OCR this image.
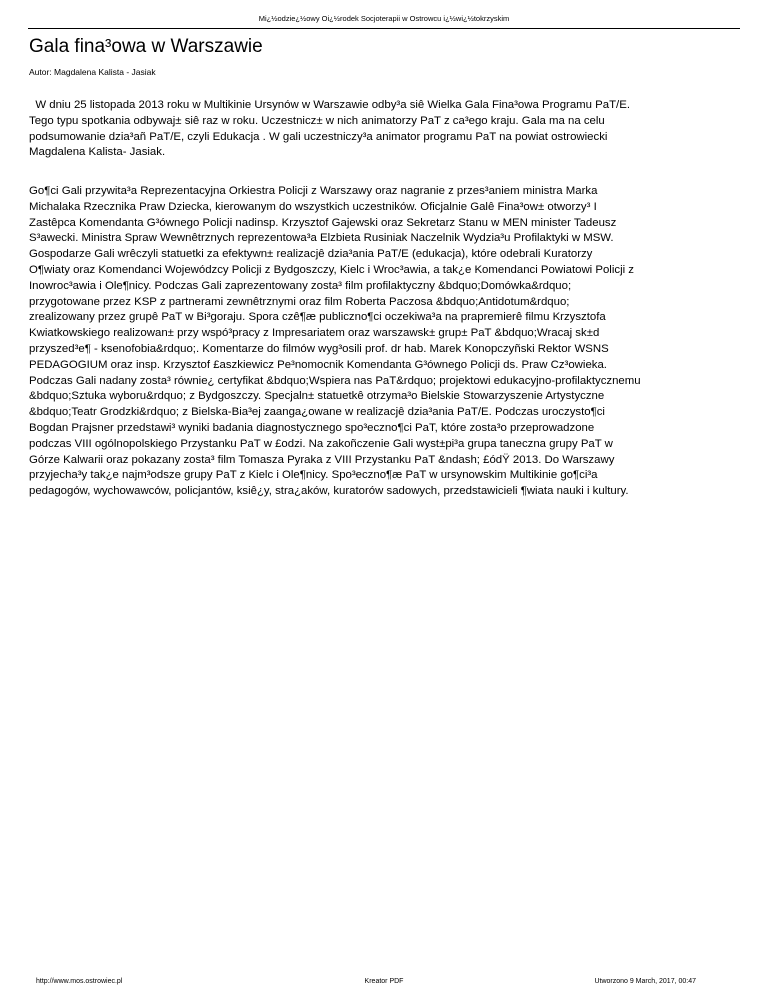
Mi¿½odzie¿½owy Oi¿½rodek Socjoterapii w Ostrowcu i¿½wi¿½tokrzyskim
Gala fina³owa w Warszawie
Autor: Magdalena Kalista - Jasiak
W dniu 25 listopada 2013 roku w Multikinie Ursynów w Warszawie odby³a siê Wielka Gala Fina³owa Programu PaT/E.
Tego typu spotkania odbywaj± siê raz w roku. Uczestnicz± w nich animatorzy PaT z ca³ego kraju. Gala ma na celu
podsumowanie dzia³añ PaT/E, czyli Edukacja . W gali uczestniczy³a animator programu PaT na powiat ostrowiecki
Magdalena Kalista- Jasiak.
Go¶ci Gali przywita³a Reprezentacyjna Orkiestra Policji z Warszawy oraz nagranie z przes³aniem ministra Marka
Michalaka Rzecznika Praw Dziecka, kierowanym do wszystkich uczestników. Oficjalnie Galê Fina³ow± otworzy³ I
Zastêpca Komendanta G³ównego Policji nadinsp. Krzysztof Gajewski oraz Sekretarz Stanu w MEN minister Tadeusz
S³awecki. Ministra Spraw Wewnêtrznych reprezentowa³a Elzbieta Rusiniak Naczelnik Wydzia³u Profilaktyki w MSW.
Gospodarze Gali wrêczyli statuetki za efektywn± realizacjê dzia³ania PaT/E (edukacja), które odebrali Kuratorzy
O¶wiaty oraz Komendanci Wojewódzcy Policji z Bydgoszczy, Kielc i Wroc³awia, a tak¿e Komendanci Powiatowi Policji z
Inowroc³awia i Ole¶nicy. Podczas Gali zaprezentowany zosta³ film profilaktyczny &bdquo;Domówka&rdquo;
przygotowane przez KSP z partnerami zewnêtrznymi oraz film Roberta Paczosa &bdquo;Antidotum&rdquo;
zrealizowany przez grupê PaT w Bi³goraju. Spora czê¶æ publiczno¶ci oczekiwa³a na prapremierê filmu Krzysztofa
Kwiatkowskiego realizowan± przy wspó³pracy z Impresariatem oraz warszawsk± grup± PaT &bdquo;Wracaj sk±d
przyszed³e¶ - ksenofobia&rdquo;. Komentarze do filmów wyg³osili prof. dr hab. Marek Konopczyñski Rektor WSNS
PEDAGOGIUM oraz insp. Krzysztof £aszkiewicz Pe³nomocnik Komendanta G³ównego Policji ds. Praw Cz³owieka.
Podczas Gali nadany zosta³ równie¿ certyfikat &bdquo;Wspiera nas PaT&rdquo; projektowi edukacyjno-profilaktycznemu
&bdquo;Sztuka wyboru&rdquo; z Bydgoszczy. Specjaln± statuetkê otrzyma³o Bielskie Stowarzyszenie Artystyczne
&bdquo;Teatr Grodzki&rdquo; z Bielska-Bia³ej zaanga¿owane w realizacjê dzia³ania PaT/E. Podczas uroczysto¶ci
Bogdan Prajsner przedstawi³ wyniki badania diagnostycznego spo³eczno¶ci PaT, które zosta³o przeprowadzone
podczas VIII ogólnopolskiego Przystanku PaT w £odzi. Na zakoñczenie Gali wyst±pi³a grupa taneczna grupy PaT w
Górze Kalwarii oraz pokazany zosta³ film Tomasza Pyraka z VIII Przystanku PaT &ndash; £ódŸ 2013. Do Warszawy
przyjecha³y tak¿e najm³odsze grupy PaT z Kielc i Ole¶nicy. Spo³eczno¶æ PaT w ursynowskim Multikinie go¶ci³a
pedagogów, wychowawców, policjantów, ksiê¿y, stra¿aków, kuratorów sadowych, przedstawicieli ¶wiata nauki i kultury.
http://www.mos.ostrowiec.pl	Kreator PDF	Utworzono 9 March, 2017, 00:47
